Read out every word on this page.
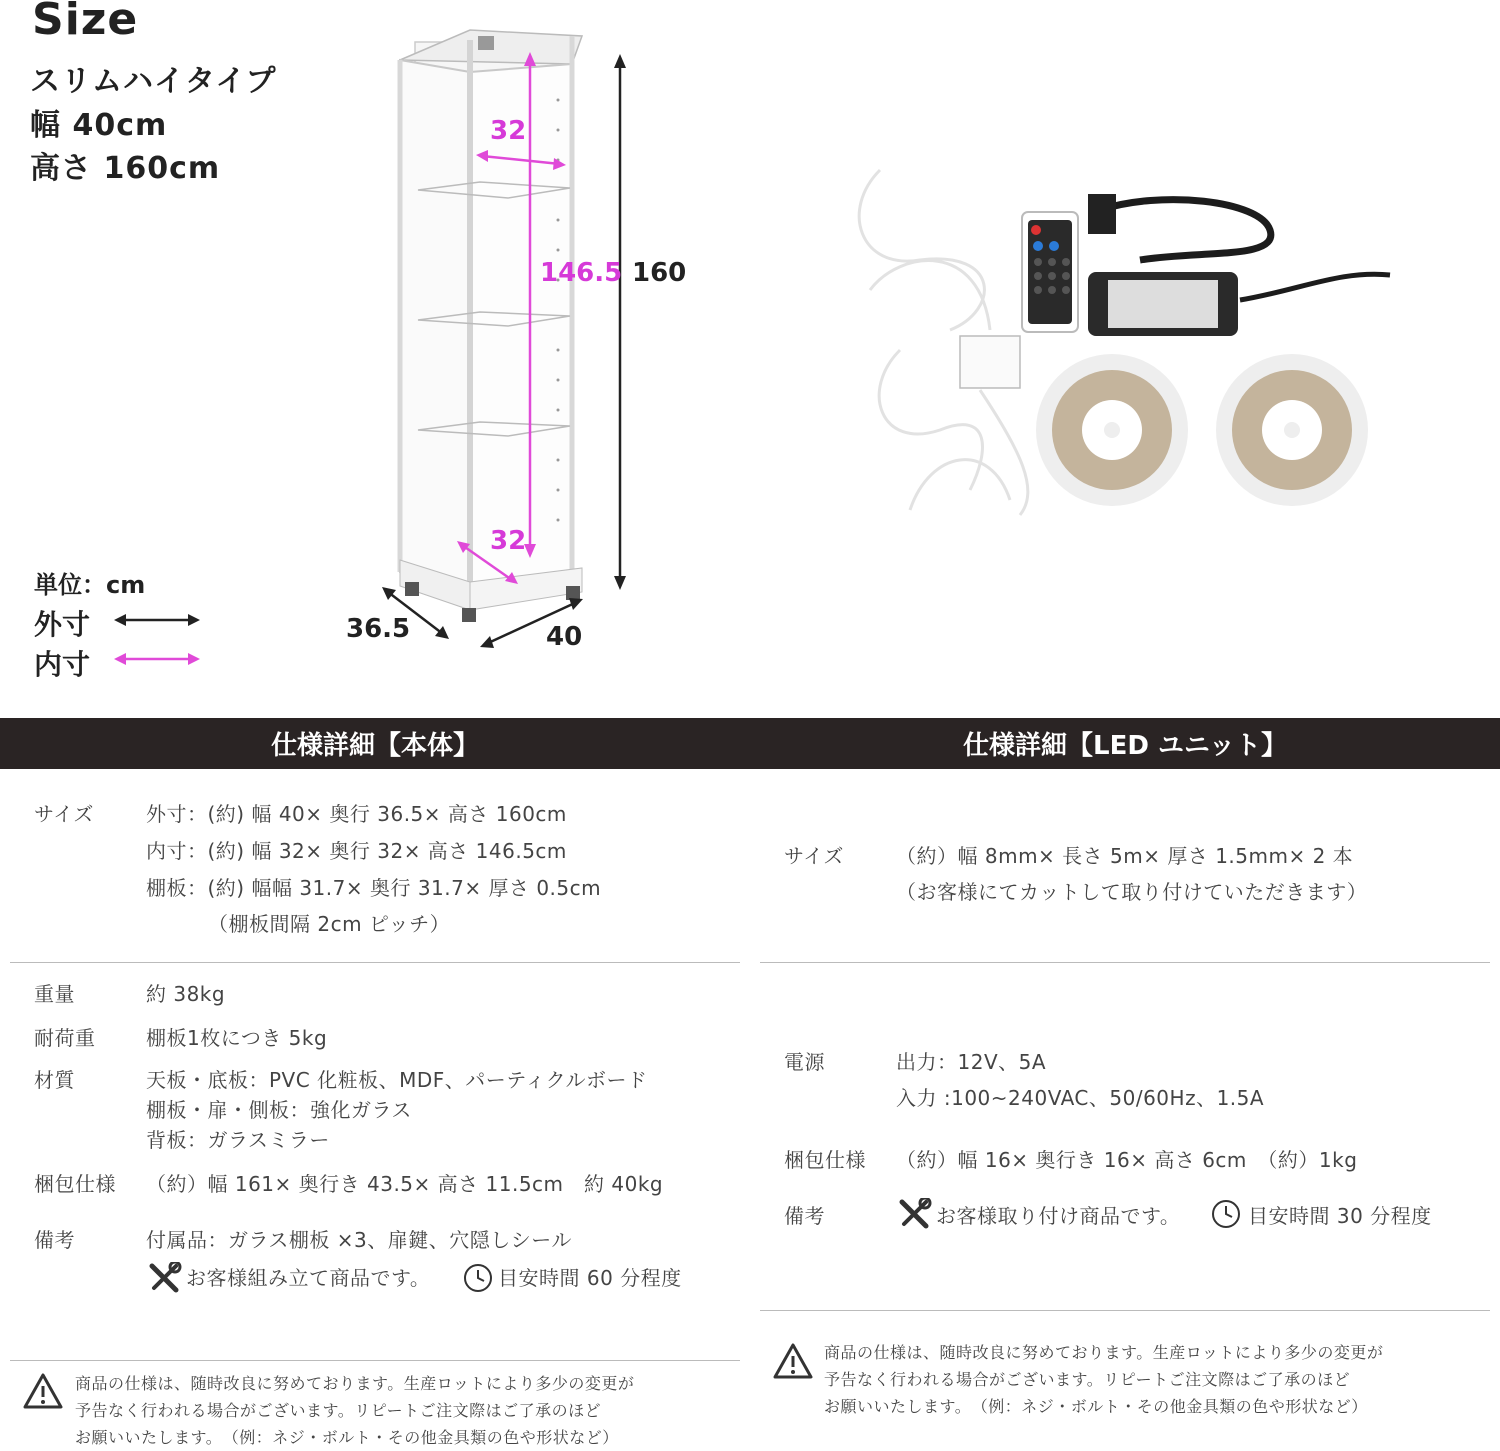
Size
スリムハイタイプ
幅 40cm
高さ 160cm
単位：cm
外寸
内寸
32
146.5 160
32
36.5	40
仕様詳細【本体】	仕様詳細【LED ユニット】
サイズ	外寸：(約) 幅 40× 奥行 36.5× 高さ 160cm
内寸：(約) 幅 32× 奥行 32× 高さ 146.5cm
棚板：(約) 幅幅 31.7× 奥行 31.7× 厚さ 0.5cm
（棚板間隔 2cm ピッチ）
重量	約 38kg
耐荷重	棚板1枚につき 5kg
材質	天板・底板：PVC 化粧板、MDF、パーティクルボード
棚板・扉・側板：強化ガラス
背板：ガラスミラー
梱包仕様 （約）幅 161× 奥行き 43.5× 高さ 11.5cm　約 40kg
備考	付属品：ガラス棚板 ×3、扉鍵、穴隠しシール
お客様組み立て商品です。	目安時間 60 分程度
商品の仕様は、随時改良に努めております。生産ロットにより多少の変更が
予告なく行われる場合がございます。リピートご注文際はご了承のほど
お願いいたします。　（例：ネジ・ボルト・その他金具類の色や形状など）
サイズ	（約）幅 8mm× 長さ 5m× 厚さ 1.5mm× 2 本
（お客様にてカットして取り付けていただきます）
電源	出力：12V、5A
入力 :100~240VAC、50/60Hz、1.5A
梱包仕様 （約）幅 16× 奥行き 16× 高さ 6cm　（約）1kg
備考	お客様取り付け商品です。	目安時間 30 分程度
商品の仕様は、随時改良に努めております。生産ロットにより多少の変更が
予告なく行われる場合がございます。リピートご注文際はご了承のほど
お願いいたします。　（例：ネジ・ボルト・その他金具類の色や形状など）
